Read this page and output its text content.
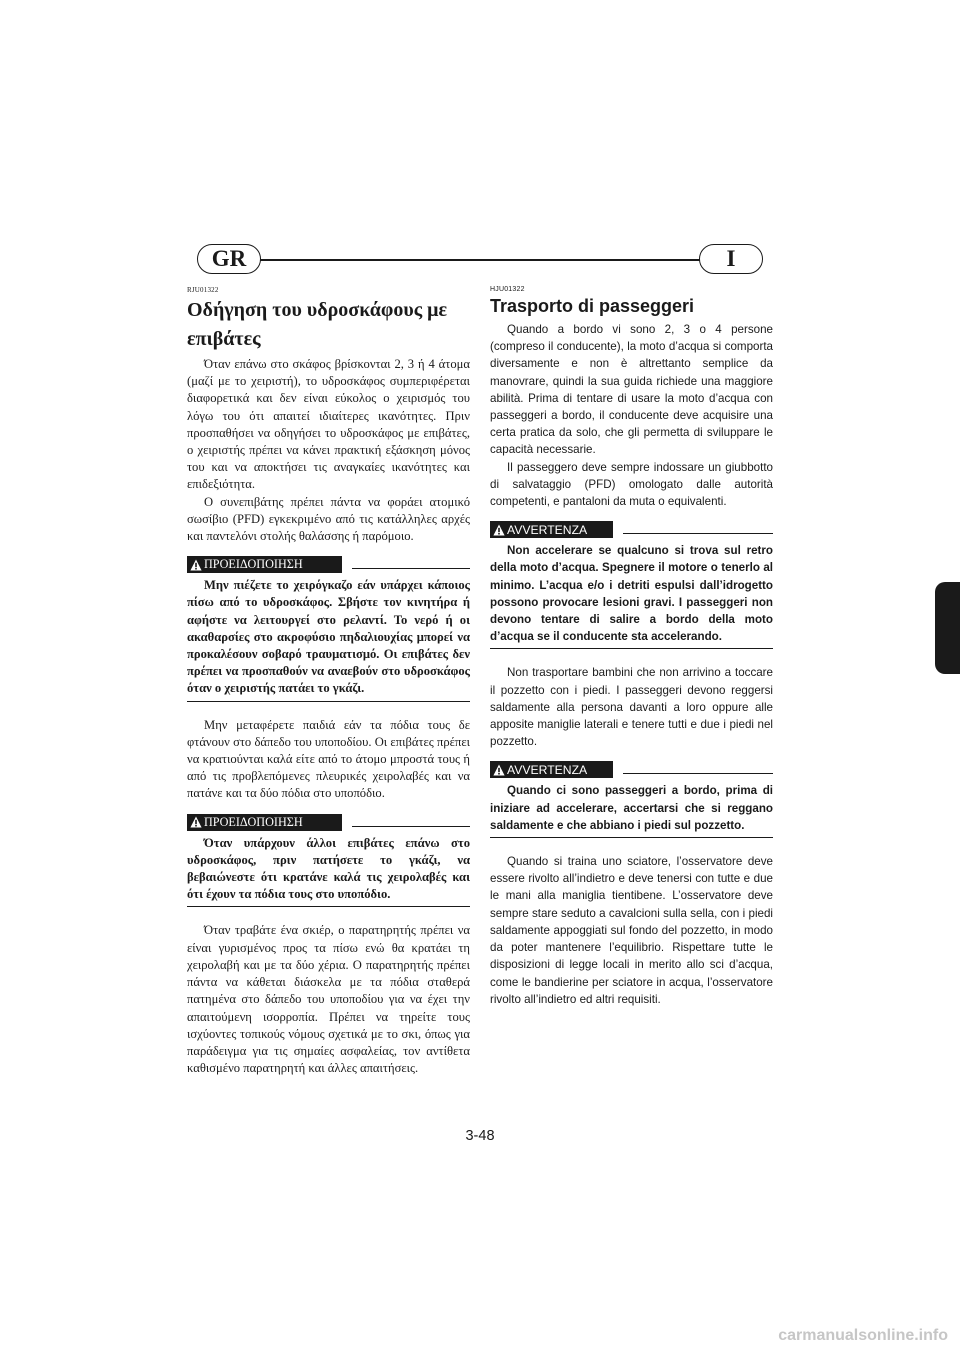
GR	I
RJU01322
Οδήγηση του υδροσκάφους με επιβάτες

Όταν επάνω στο σκάφος βρίσκονται 2, 3 ή 4 άτομα (μαζί με το χειριστή), το υδροσκάφος συμπεριφέρεται διαφορετικά και δεν είναι εύκολος ο χειρισμός του λόγω του ότι απαιτεί ιδιαίτερες ικανότητες. Πριν προσπαθήσει να οδηγήσει το υδροσκάφος με επιβάτες, ο χειριστής πρέπει να κάνει πρακτική εξάσκηση μόνος του και να αποκτήσει τις αναγκαίες ικανότητες και επιδεξιότητα.

Ο συνεπιβάτης πρέπει πάντα να φοράει ατομικό σωσίβιο (PFD) εγκεκριμένο από τις κατάλληλες αρχές και παντελόνι στολής θαλάσσης ή παρόμοιο.

ΠΡΟΕΙΔΟΠΟΙΗΣΗ

Μην πιέζετε το χειρόγκαζο εάν υπάρχει κάποιος πίσω από το υδροσκάφος. Σβήστε τον κινητήρα ή αφήστε να λειτουργεί στο ρελαντί. Το νερό ή οι ακαθαρσίες στο ακροφύσιο πηδαλιουχίας μπορεί να προκαλέσουν σοβαρό τραυματισμό. Οι επιβάτες δεν πρέπει να προσπαθούν να αναεβούν στο υδροσκάφος όταν ο χειριστής πατάει το γκάζι.

Μην μεταφέρετε παιδιά εάν τα πόδια τους δε φτάνουν στο δάπεδο του υποποδίου. Οι επιβάτες πρέπει να κρατιούνται καλά είτε από το άτομο μπροστά τους ή από τις προβλεπόμενες πλευρικές χειρολαβές και να πατάνε και τα δύο πόδια στο υποπόδιο.

ΠΡΟΕΙΔΟΠΟΙΗΣΗ

Όταν υπάρχουν άλλοι επιβάτες επάνω στο υδροσκάφος, πριν πατήσετε το γκάζι, να βεβαιώνεστε ότι κρατάνε καλά τις χειρολαβές και ότι έχουν τα πόδια τους στο υποπόδιο.

Όταν τραβάτε ένα σκιέρ, ο παρατηρητής πρέπει να είναι γυρισμένος προς τα πίσω ενώ θα κρατάει τη χειρολαβή και με τα δύο χέρια. Ο παρατηρητής πρέπει πάντα να κάθεται διάσκελα με τα πόδια σταθερά πατημένα στο δάπεδο του υποποδίου για να έχει την απαιτούμενη ισορροπία. Πρέπει να τηρείτε τους ισχύοντες τοπικούς νόμους σχετικά με το σκι, όπως για παράδειγμα για τις σημαίες ασφαλείας, τον αντίθετα καθισμένο παρατηρητή και άλλες απαιτήσεις.

HJU01322
Trasporto di passeggeri

Quando a bordo vi sono 2, 3 o 4 persone (compreso il conducente), la moto d’acqua si comporta diversamente e non è altrettanto semplice da manovrare, quindi la sua guida richiede una maggiore abilità. Prima di tentare di usare la moto d’acqua con passeggeri a bordo, il conducente deve acquisire una certa pratica da solo, che gli permetta di sviluppare le capacità necessarie.

Il passeggero deve sempre indossare un giubbotto di salvataggio (PFD) omologato dalle autorità competenti, e pantaloni da muta o equivalenti.

AVVERTENZA

Non accelerare se qualcuno si trova sul retro della moto d’acqua. Spegnere il motore o tenerlo al minimo. L’acqua e/o i detriti espulsi dall’idrogetto possono provocare lesioni gravi. I passeggeri non devono tentare di salire a bordo della moto d’acqua se il conducente sta accelerando.

Non trasportare bambini che non arrivino a toccare il pozzetto con i piedi. I passeggeri devono reggersi saldamente alla persona davanti a loro oppure alle apposite maniglie laterali e tenere tutti e due i piedi nel pozzetto.

AVVERTENZA

Quando ci sono passeggeri a bordo, prima di iniziare ad accelerare, accertarsi che si reggano saldamente e che abbiano i piedi sul pozzetto.

Quando si traina uno sciatore, l’osservatore deve essere rivolto all’indietro e deve tenersi con tutte e due le mani alla maniglia tientibene. L’osservatore deve sempre stare seduto a cavalcioni sulla sella, con i piedi saldamente appoggiati sul fondo del pozzetto, in modo da poter mantenere l’equilibrio. Rispettare tutte le disposizioni di legge locali in merito allo sci d’acqua, come le bandierine per sciatore in acqua, l’osservatore rivolto all’indietro ed altri requisiti.

3-48
carmanualsonline.info
